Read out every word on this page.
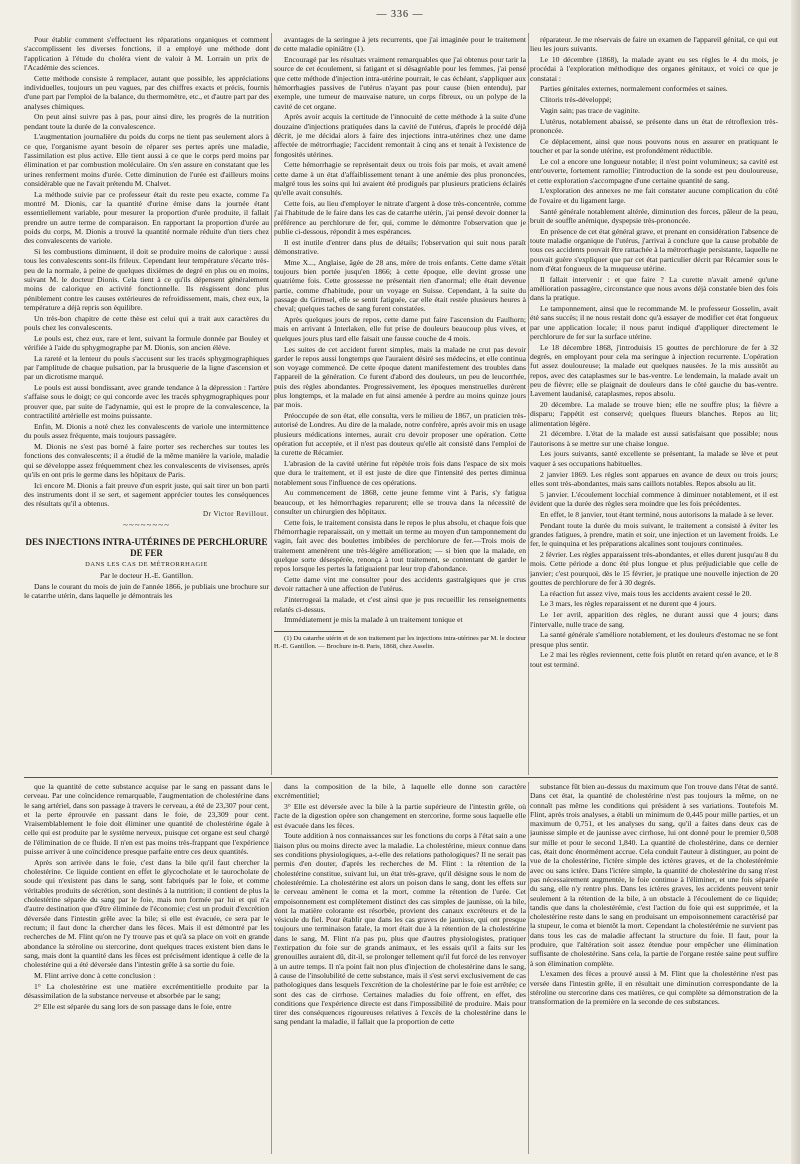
— 336 —

Pour établir comment s'effectuent les réparations organiques et comment s'accomplissent les diverses fonctions, il a employé une méthode dont l'application à l'étude du choléra vient de valoir à M. Lorrain un prix de l'Académie des sciences.

Cette méthode consiste à remplacer, autant que possible, les appréciations individuelles, toujours un peu vagues, par des chiffres exacts et précis, fournis d'une part par l'emploi de la balance, du thermomètre, etc., et d'autre part par des analyses chimiques.

On peut ainsi suivre pas à pas, pour ainsi dire, les progrès de la nutrition pendant toute la durée de la convalescence.

L'augmentation journalière du poids du corps ne tient pas seulement alors à ce que, l'organisme ayant besoin de réparer ses pertes après une maladie, l'assimilation est plus active. Elle tient aussi à ce que le corps perd moins par élimination et par combustion moléculaire. On s'en assure en constatant que les urines renferment moins d'urée. Cette diminution de l'urée est d'ailleurs moins considérable que ne l'avait prétendu M. Chalvet.

La méthode suivie par ce professeur était du reste peu exacte, comme l'a montré M. Dionis, car la quantité d'urine émise dans la journée étant essentiellement variable, pour mesurer la proportion d'urée produite, il fallait prendre un autre terme de comparaison. En rapportant la proportion d'urée au poids du corps, M. Dionis a trouvé la quantité normale réduite d'un tiers chez des convalescents de variole.

Si les combustions diminuent, il doit se produire moins de calorique : aussi tous les convalescents sont-ils frileux. Cependant leur température s'écarte très-peu de la normale, à peine de quelques dixièmes de degré en plus ou en moins, suivant M. le docteur Dionis. Cela tient à ce qu'ils dépensent généralement moins de calorique en activité fonctionnelle. Ils résgissent donc plus péniblement contre les causes extérieures de refroidissement, mais, chez eux, la température a déjà repris son équilibre.

Un très-bon chapitre de cette thèse est celui qui a trait aux caractères du pouls chez les convalescents.

Le pouls est, chez eux, rare et lent, suivant la formule donnée par Bouley et vérifiée à l'aide du sphygmographe par M. Dionis, son ancien élève.

La rareté et la lenteur du pouls s'accusent sur les tracés sphygmographiques par l'amplitude de chaque pulsation, par la brusquerie de la ligne d'ascension et par un dicrotisme marqué.

Le pouls est aussi bondissant, avec grande tendance à la dépression : l'artère s'affaise sous le doigt; ce qui concorde avec les tracés sphygmographiques pour prouver que, par suite de l'adynamie, qui est le propre de la convalescence, la contractilité artérielle est moins puissante.

Enfin, M. Dionis a noté chez les convalescents de variole une intermittence du pouls assez fréquente, mais toujours passagère.

M. Dionis ne s'est pas borné à faire porter ses recherches sur toutes les fonctions des convalescents; il a étudié de la même manière la variole, maladie qui se développe assez fréquemment chez les convalescents de vivisenses, après qu'ils en ont pris le germe dans les hôpitaux de Paris.

Ici encore M. Dionis a fait preuve d'un esprit juste, qui sait tirer un bon parti des instruments dont il se sert, et sagement apprécier toutes les conséquences des résultats qu'il a obtenus.

Dr Victor Revillout.

~~~~~~~~

DES INJECTIONS INTRA-UTÉRINES DE PERCHLORURE DE FER

DANS LES CAS DE MÉTRORRHAGIE

Par le docteur H.-E. Gantillon.

Dans le courant du mois de juin de l'année 1866, je publiais une brochure sur le catarrhe utérin, dans laquelle je démontrais les

avantages de la seringue à jets recurrents, que j'ai imaginée pour le traitement de cette maladie opiniâtre (1).

Encouragé par les résultats vraiment remarquables que j'ai obtenus pour tarir la source de cet écoulement, si fatigant et si désagréable pour les femmes, j'ai pensé que cette méthode d'injection intra-utérine pourrait, le cas échéant, s'appliquer aux hémorrhagies passives de l'utérus n'ayant pas pour cause (bien entendu), par exemple, une tumeur de mauvaise nature, un corps fibreux, ou un polype de la cavité de cet organe.

Après avoir acquis la certitude de l'innocuité de cette méthode à la suite d'une douzaine d'injections pratiquées dans la cavité de l'utérus, d'après le procédé déjà décrit, je me décidai alors à faire des injections intra-utérines chez une dame affectée de métrorrhagie; l'accident remontait à cinq ans et tenait à l'existence de fongosités utérines.

Cette hémorrhagie se représentait deux ou trois fois par mois, et avait amené cette dame à un état d'affaiblissement tenant à une anémie des plus prononcées, malgré tous les soins qui lui avaient été prodigués par plusieurs praticiens éclairés qu'elle avait consultés.

Cette fois, au lieu d'employer le nitrate d'argent à dose très-concentrée, comme j'ai l'habitude de le faire dans les cas de catarrhe utérin, j'ai pensé devoir donner la préférence au perchlorure de fer, qui, comme le démontre l'observation que je publie ci-dessous, répondit à mes espérances.

Il est inutile d'entrer dans plus de détails; l'observation qui suit nous paraît démonstrative.

Mme X..., Anglaise, âgée de 28 ans, mère de trois enfants. Cette dame s'était toujours bien portée jusqu'en 1866; à cette époque, elle devint grosse une quatrième fois. Cette grossesse ne présentait rien d'anormal; elle était devenue partie, comme d'habitude, pour un voyage en Suisse. Cependant, à la suite du passage du Grimsel, elle se sentit fatiguée, car elle était restée plusieurs heures à cheval; quelques taches de sang furent constatées.

Après quelques jours de repos, cette dame put faire l'ascension du Faulhorn; mais en arrivant à Interlaken, elle fut prise de douleurs beaucoup plus vives, et quelques jours plus tard elle faisait une fausse couche de 4 mois.

Les suites de cet accident furent simples, mais la malade ne crut pas devoir garder le repos aussi longtemps que l'auraient désiré ses médecins, et elle continua son voyage commencé. De cette époque datent manifestement des troubles dans l'appareil de la génération. Ce furent d'abord des douleurs, un peu de leucorrhée, puis des règles abondantes. Progressivement, les époques menstruelles durèrent plus longtemps, et la malade en fut ainsi amenée à perdre au moins quinze jours par mois.

Préoccupée de son état, elle consulta, vers le milieu de 1867, un praticien très-autorisé de Londres. Au dire de la malade, notre confrère, après avoir mis en usage plusieurs médications internes, aurait cru devoir proposer une opération. Cette opération fut acceptée, et il n'est pas douteux qu'elle ait consisté dans l'emploi de la curette de Récamier.

L'abrasion de la cavité utérine fut répétée trois fois dans l'espace de six mois que dura le traitement, et il est juste de dire que l'intensité des pertes diminua notablement sous l'influence de ces opérations.

Au commencement de 1868, cette jeune femme vint à Paris, s'y fatigua beaucoup, et les hémorrhagies reparurent; elle se trouva dans la nécessité de consulter un chirurgien des hôpitaux.

Cette fois, le traitement consista dans le repos le plus absolu, et chaque fois que l'hémorrhagie reparaissait, on y mettait un terme au moyen d'un tamponnement du vagin, fait avec des boulettes imbibées de perchlorure de fer.—Trois mois de traitement amenèrent une très-légère amélioration; — si bien que la malade, en quelque sorte désespérée, renonça à tout traitement, se contentant de garder le repos lorsque les pertes la fatiguaient par leur trop d'abondance.

Cette dame vint me consulter pour des accidents gastralgiques que je crus devoir rattacher à une affection de l'utérus.

J'interrogeai la malade, et c'est ainsi que je pus recueillir les renseignements relatés ci-dessus.

Immédiatement je mis la malade à un traitement tonique et

(1) Du catarrhe utérin et de son traitement par les injections intra-utérines par M. le docteur H.-E. Gantillon. — Brochure in-8. Paris, 1868, chez Asselin.

réparateur. Je me réservais de faire un examen de l'appareil génital, ce qui eut lieu les jours suivants.

Le 10 décembre (1868), la malade ayant eu ses règles le 4 du mois, je procédai à l'exploration méthodique des organes génitaux, et voici ce que je constatai :

Parties génitales externes, normalement conformées et saines.

Clitoris très-développé;

Vagin sain; pas trace de vaginite.

L'utérus, notablement abaissé, se présente dans un état de rétroflexion très-prononcée.

Ce déplacement, ainsi que nous pouvons nous en assurer en pratiquant le toucher et par la sonde utérine, est profondément réductible.

Le col a encore une longueur notable; il n'est point volumineux; sa cavité est entr'ouverte, fortement ramollie; l'introduction de la sonde est peu douloureuse, et cette exploration s'accompagne d'une certaine quantité de sang.

L'exploration des annexes ne me fait constater aucune complication du côté de l'ovaire et du ligament large.

Santé générale notablement altérée, diminution des forces, pâleur de la peau, bruit de souffle anémique, dyspepsie très-prononcée.

En présence de cet état général grave, et prenant en considération l'absence de toute maladie organique de l'utérus, j'arrivai à conclure que la cause probable de tous ces accidents pouvait être rattachée à la métrorrhagie persistante, laquelle ne pouvait guère s'expliquer que par cet état particulier décrit par Récamier sous le nom d'état fongueux de la muqueuse utérine.

Il fallait intervenir : et que faire ? La curette n'avait amené qu'une amélioration passagère, circonstance que nous avons déjà constatée bien des fois dans la pratique.

Le tamponnement, ainsi que le recommande M. le professeur Gosselin, avait été sans succès; il ne nous restait donc qu'à essayer de modifier cet état fongueux par une application locale; il nous parut indiqué d'appliquer directement le perchlorure de fer sur la surface utérine.

Le 18 décembre 1868, j'introduisis 15 gouttes de perchlorure de fer à 32 degrés, en employant pour cela ma seringue à injection recurrente. L'opération fut assez douloureuse; la malade eut quelques nausées. Je la mis aussitôt au repos, avec des cataplasmes sur le bas-ventre. Le lendemain, la malade avait un peu de fièvre; elle se plaignait de douleurs dans le côté gauche du bas-ventre. Lavement laudanisé, cataplasmes, repos absolu.

20 décembre. La malade se trouve bien; elle ne souffre plus; la fièvre a disparu; l'appétit est conservé; quelques flueurs blanches. Repos au lit; alimentation légère.

21 décembre. L'état de la malade est aussi satisfaisant que possible; nous l'autorisons à se mettre sur une chaise longue.

Les jours suivants, santé excellente se présentant, la malade se lève et peut vaquer à ses occupations habituelles.

2 janvier 1869. Les règles sont apparues en avance de deux ou trois jours; elles sont très-abondantes, mais sans caillots notables. Repos absolu au lit.

5 janvier. L'écoulement locchial commence à diminuer notablement, et il est évident que la durée des règles sera moindre que les fois précédentes.

En effet, le 8 janvier, tout étant terminé, nous autorisons la malade à se lever.

Pendant toute la durée du mois suivant, le traitement a consisté à éviter les grandes fatigues, à prendre, matin et soir, une injection et un lavement froids. Le fer, le quinquina et les préparations alcalines sont toujours continuées.

2 février. Les règles apparaissent très-abondantes, et elles durent jusqu'au 8 du mois. Cette période a donc été plus longue et plus préjudiciable que celle de janvier; c'est pourquoi, dès le 15 février, je pratique une nouvelle injection de 20 gouttes de perchlorure de fer à 30 degrés.

La réaction fut assez vive, mais tous les accidents avaient cessé le 20.

Le 3 mars, les règles reparaissent et ne durent que 4 jours.

Le 1er avril, apparition des règles, ne durant aussi que 4 jours; dans l'intervalle, nulle trace de sang.

La santé générale s'améliore notablement, et les douleurs d'estomac ne se font presque plus sentir.

Le 2 mai les règles reviennent, cette fois plutôt en retard qu'en avance, et le 8 tout est terminé.

que la quantité de cette substance acquise par le sang en passant dans le cerveau. Par une coïncidence remarquable, l'augmentation de cholestérine dans le sang artériel, dans son passage à travers le cerveau, a été de 23,307 pour cent, et la perte éprouvée en passant dans le foie, de 23,309 pour cent. Vraisemblablement le foie doit éliminer une quantité de cholestérine égale à celle qui est produite par le système nerveux, puisque cet organe est seul chargé de l'élimination de ce fluide. Il n'en est pas moins très-frappant que l'expérience puisse arriver à une coïncidence presque parfaite entre ces deux quantités.

Après son arrivée dans le foie, c'est dans la bile qu'il faut chercher la cholestérine. Ce liquide contient en effet le glycocholate et le taurocholate de soude qui n'existent pas dans le sang, sont fabriqués par le foie, et comme véritables produits de sécrétion, sont destinés à la nutrition; il contient de plus la cholestérine séparée du sang par le foie, mais non formée par lui et qui n'a d'autre destination que d'être éliminée de l'économie; c'est un produit d'excrétion déversée dans l'intestin grêle avec la bile; si elle est évacuée, ce sera par le rectum; il faut donc la chercher dans les fèces. Mais il est démontré par les recherches de M. Flint qu'on ne l'y trouve pas et qu'à sa place on voit en grande abondance la stéroline ou stercorine, dont quelques traces existent bien dans le sang, mais dont la quantité dans les fèces est précisément identique à celle de la cholestérine qui a été déversée dans l'intestin grêle à sa sortie du foie.

M. Flint arrive donc à cette conclusion :

1° La cholestérine est une matière excrémentitielle produite par la désassimilation de la substance nerveuse et absorbée par le sang;

2° Elle est séparée du sang lors de son passage dans le foie, entre

dans la composition de la bile, à laquelle elle donne son caractère excrémentitiel;

3° Elle est déversée avec la bile à la partie supérieure de l'intestin grêle, où l'acte de la digestion opère son changement en stercorine, forme sous laquelle elle est évacuée dans les fèces.

Toute addition à nos connaissances sur les fonctions du corps à l'état sain a une liaison plus ou moins directe avec la maladie. La cholestérine, mieux connue dans ses conditions physiologiques, a-t-elle des relations pathologiques? Il ne serait pas permis d'en douter, d'après les recherches de M. Flint : la rétention de la cholestérine constitue, suivant lui, un état très-grave, qu'il désigne sous le nom de cholestérémie. La cholestérine est alors un poison dans le sang, dont les effets sur le cerveau amènent le coma et la mort, comme la rétention de l'urée. Cet empoisonnement est complètement distinct des cas simples de jaunisse, où la bile, dont la matière colorante est résorbée, provient des canaux excréteurs et de la vésicule du fiel. Pour établir que dans les cas graves de jaunisse, qui ont presque toujours une terminaison fatale, la mort était due à la rétention de la cholestérine dans le sang, M. Flint n'a pas pu, plus que d'autres physiologistes, pratiquer l'extirpation du foie sur de grands animaux, et les essais qu'il a faits sur les grenouilles auraient dû, dit-il, se prolonger tellement qu'il fut forcé de les renvoyer à un autre temps. Il n'a point fait non plus d'injection de cholestérine dans le sang, à cause de l'insolubilité de cette substance, mais il s'est servi exclusivement de cas pathologiques dans lesquels l'excrétion de la cholestérine par le foie est arrêtée; ce sont des cas de cirrhose. Certaines maladies du foie offrent, en effet, des conditions que l'expérience directe est dans l'impossibilité de produire. Mais pour tirer des conséquences rigoureuses relatives à l'excès de la cholestérine dans le sang pendant la maladie, il fallait que la proportion de cette

substance fût bien au-dessus du maximum que l'on trouve dans l'état de santé. Dans cet état, la quantité de cholestérine n'est pas toujours la même, on ne connaît pas même les conditions qui président à ses variations. Toutefois M. Flint, après trois analyses, a établi un minimum de 0,445 pour mille parties, et un maximum de 0,751, et les analyses du sang, qu'il a faites dans deux cas de jaunisse simple et de jaunisse avec cirrhose, lui ont donné pour le premier 0,508 sur mille et pour le second 1,840. La quantité de cholestérine, dans ce dernier cas, était donc énormément accrue. Cela conduit l'auteur à distinguer, au point de vue de la cholestérine, l'ictère simple des ictères graves, et de la cholestérémie avec ou sans ictère. Dans l'ictère simple, la quantité de cholestérine du sang n'est pas nécessairement augmentée, le foie continue à l'éliminer, et une fois séparée du sang, elle n'y rentre plus. Dans les ictères graves, les accidents peuvent tenir seulement à la rétention de la bile, à un obstacle à l'écoulement de ce liquide; tandis que dans la cholestérémie, c'est l'action du foie qui est supprimée, et la cholestérine reste dans le sang en produisant un empoisonnement caractérisé par la stupeur, le coma et bientôt la mort. Cependant la cholestérémie ne survient pas dans tous les cas de maladie affectant la structure du foie. Il faut, pour la produire, que l'altération soit assez étendue pour empêcher une élimination suffisante de cholestérine. Sans cela, la partie de l'organe restée saine peut suffire à son élimination complète.

L'examen des fèces a prouvé aussi à M. Flint que la cholestérine n'est pas versée dans l'intestin grêle, il en résultait une diminution correspondante de la stéroline ou stercorine dans ces matières, ce qui complète sa démonstration de la transformation de la première en la seconde de ces substances.
